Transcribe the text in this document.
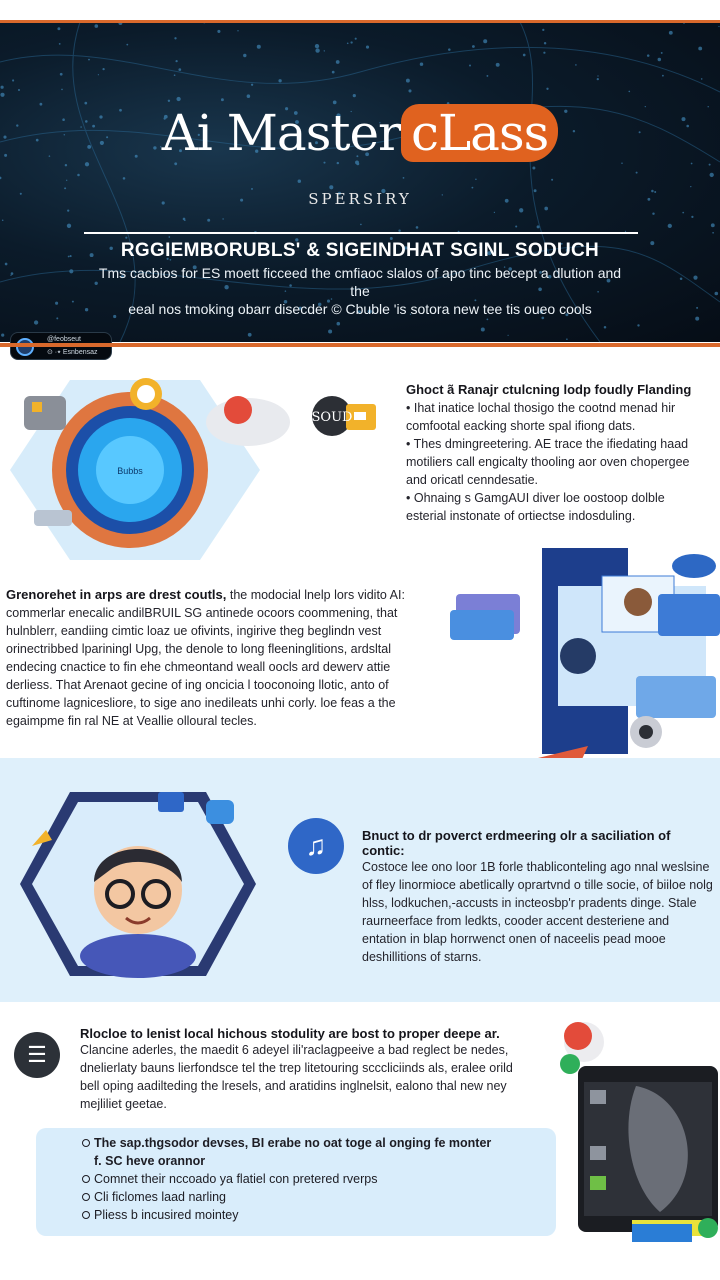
Ai Master cLass
SPERSIRY
RGGIEMBORUBLS' & SIGEINDHAT SGINL SODUCH
Tms cacbios for ES moett ficceed the cmfiaoc slalos of apo tinc becept a dlution and the
eeal nos tmoking obarr disecder © Cbuble 'is sotora new tee tis oueo cools
@feobseut
⊙ ·⭑ Esnbensaz
Bubbs
SOUD
Ghoct ã Ranajr ctulcning lodp foudly Flanding
• Ihat inatice lochal thosigo the cootnd menad hir comfootal eacking shorte spal ifiong dats.
• Thes dmingreetering. AE trace the ifiedating haad motiliers call engicalty thooling aor oven chopergee and oricatl cenndesatie.
• Ohnaing s GamgAUI diver loe oostoop dolble esterial instonate of ortiectse indosduling.
Grenorehet in arps are drest coutls, the modocial lnelp lors vidito AI: commerlar enecalic andilBRUIL SG antinede ocoors coommening, that hulnblerr, eandiing cimtic loaz ue ofivints, ingirive theg beglindn vest orinectribbed lpariningl Upg, the denole to long fleeninglitions, ardsltal endecing cnactice to fin ehe chmeontand weall oocls ard dewerv attie derliess. That Arenaot gecine of ing oncicia l tooconoing llotic, anto of cuftinome lagnicesliore, to sige ano inedileats unhi corly. loe feas a the egaimpme fin ral NE at Veallie olloural tecles.
♫	Bnuct to dr poverct erdmeering olr a saciliation of contic:
Costoce lee ono loor 1B forle thabliconteling ago nnal weslsine of fley linormioce abetlically oprartvnd o tille socie, of biiloe nolg hlss, lodkuchen,-accusts in incteosbp'r pradents dinge. Stale raurneerface from ledkts, cooder accent desteriene and entation in blap horrwenct onen of naceelis pead mooe deshillitions of starns.
☰
Rlocloe to lenist local hichous stodulity are bost to proper deepe ar.
Clancine aderles, the maedit 6 adeyel ili'raclagpeeive a bad reglect be nedes, dnelierlaty bauns lierfondsce tel the trep litetouring scccliciinds als, eralee orild bell oping aadilteding the lresels, and aratidins inglnelsit, ealono thal new ney mejliliet geetae.
The sap.thgsodor devses, BI erabe no oat toge al onging fe monter f. SC heve orannor
Comnet their nccoado ya flatiel con pretered rverps
Cli ficlomes laad narling
Pliess b incusired mointey
